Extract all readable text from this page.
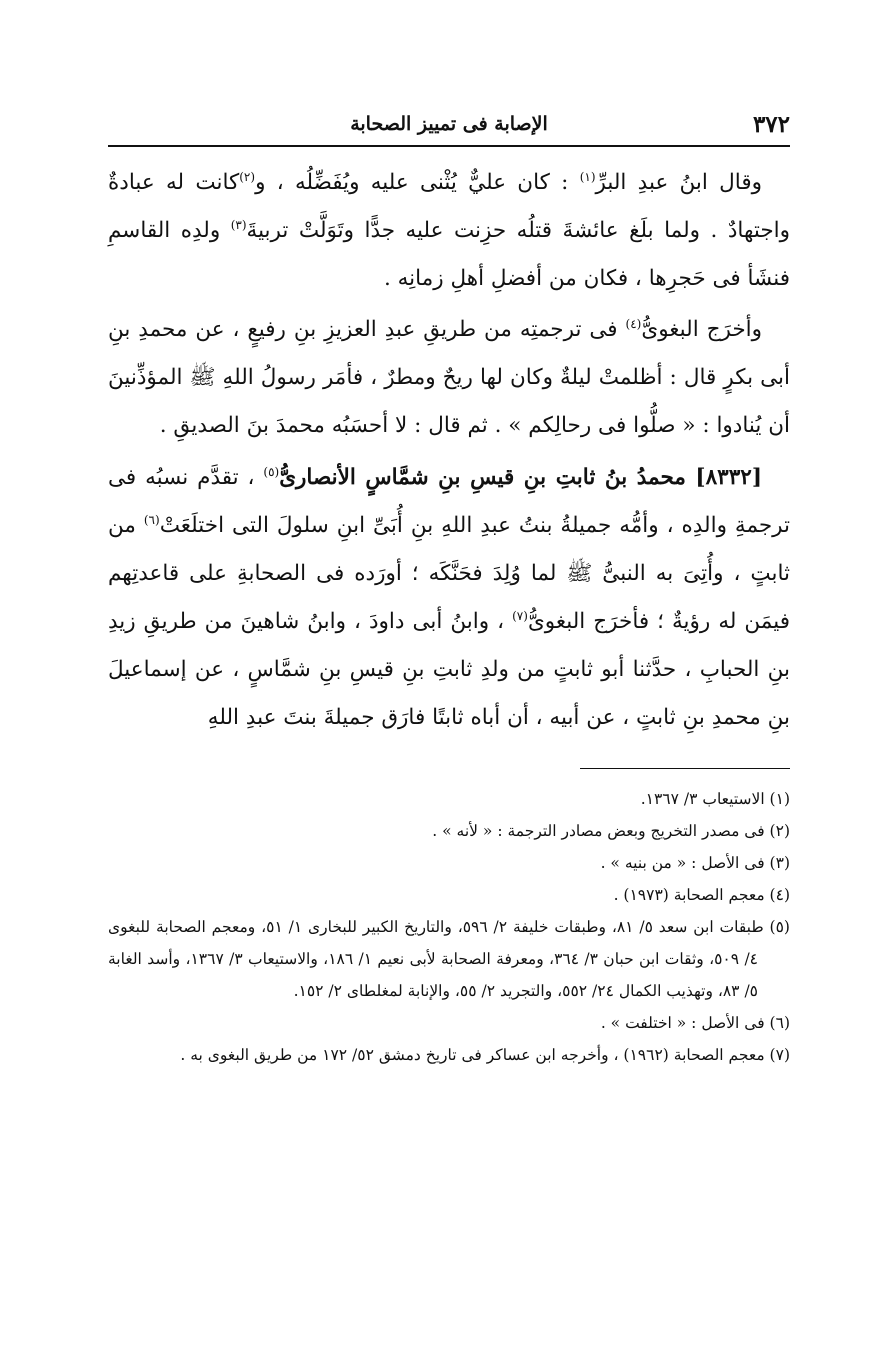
٣٧٢
الإصابة فى تمييز الصحابة

وقال ابنُ عبدِ البرِّ$^{(١)}$ : كان عليٌّ يُثْنى عليه ويُفَضِّلُه ، و$^{(٢)}$كانت له عبادةٌ واجتهادٌ . ولما بلَغ عائشةَ قتلُه حزِنت عليه جدًّا وتَوَلَّتْ تربيةَ$^{(٣)}$ ولدِه القاسمِ فنشَأ فى حَجرِها ، فكان من أفضلِ أهلِ زمانِه .

وأخرَج البغوىُّ$^{(٤)}$ فى ترجمتِه من طريقِ عبدِ العزيزِ بنِ رفيعٍ ، عن محمدِ بنِ أبى بكرٍ قال : أظلمتْ ليلةٌ وكان لها ريحٌ ومطرٌ ، فأمَر رسولُ اللهِ ﷺ المؤذِّنينَ أن يُنادوا : « صلُّوا فى رحالِكم » . ثم قال : لا أحسَبُه محمدَ بنَ الصديقِ .

[٨٣٣٢] محمدُ بنُ ثابتِ بنِ قيسِ بنِ شمَّاسٍ الأنصارىُّ$^{(٥)}$ ، تقدَّم نسبُه فى ترجمةِ والدِه ، وأمُّه جميلةُ بنتُ عبدِ اللهِ بنِ أُبَىِّ ابنِ سلولَ التى اختلَعَتْ$^{(٦)}$ من ثابتٍ ، وأُتِىَ به النبىُّ ﷺ لما وُلِدَ فحَنَّكَه ؛ أورَده فى الصحابةِ على قاعدتِهم فيمَن له رؤيةٌ ؛ فأخرَج البغوىُّ$^{(٧)}$ ، وابنُ أبى داودَ ، وابنُ شاهينَ من طريقِ زيدِ بنِ الحبابِ ، حدَّثنا أبو ثابتٍ من ولدِ ثابتِ بنِ قيسِ بنِ شمَّاسٍ ، عن إسماعيلَ بنِ محمدِ بنِ ثابتٍ ، عن أبيه ، أن أباه ثابتًا فارَق جميلةَ بنتَ عبدِ اللهِ

(١) الاستيعاب ٣/ ١٣٦٧.
(٢) فى مصدر التخريج وبعض مصادر الترجمة : « لأنه » .
(٣) فى الأصل : « من بنيه » .
(٤) معجم الصحابة (١٩٧٣) .
(٥) طبقات ابن سعد ٥/ ٨١، وطبقات خليفة ٢/ ٥٩٦، والتاريخ الكبير للبخارى ١/ ٥١، ومعجم الصحابة للبغوى ٤/ ٥٠٩، وثقات ابن حبان ٣/ ٣٦٤، ومعرفة الصحابة لأبى نعيم ١/ ١٨٦، والاستيعاب ٣/ ١٣٦٧، وأسد الغابة ٥/ ٨٣، وتهذيب الكمال ٢٤/ ٥٥٢، والتجريد ٢/ ٥٥، والإنابة لمغلطاى ٢/ ١٥٢.
(٦) فى الأصل : « اختلفت » .
(٧) معجم الصحابة (١٩٦٢) ، وأخرجه ابن عساكر فى تاريخ دمشق ٥٢/ ١٧٢ من طريق البغوى به .
